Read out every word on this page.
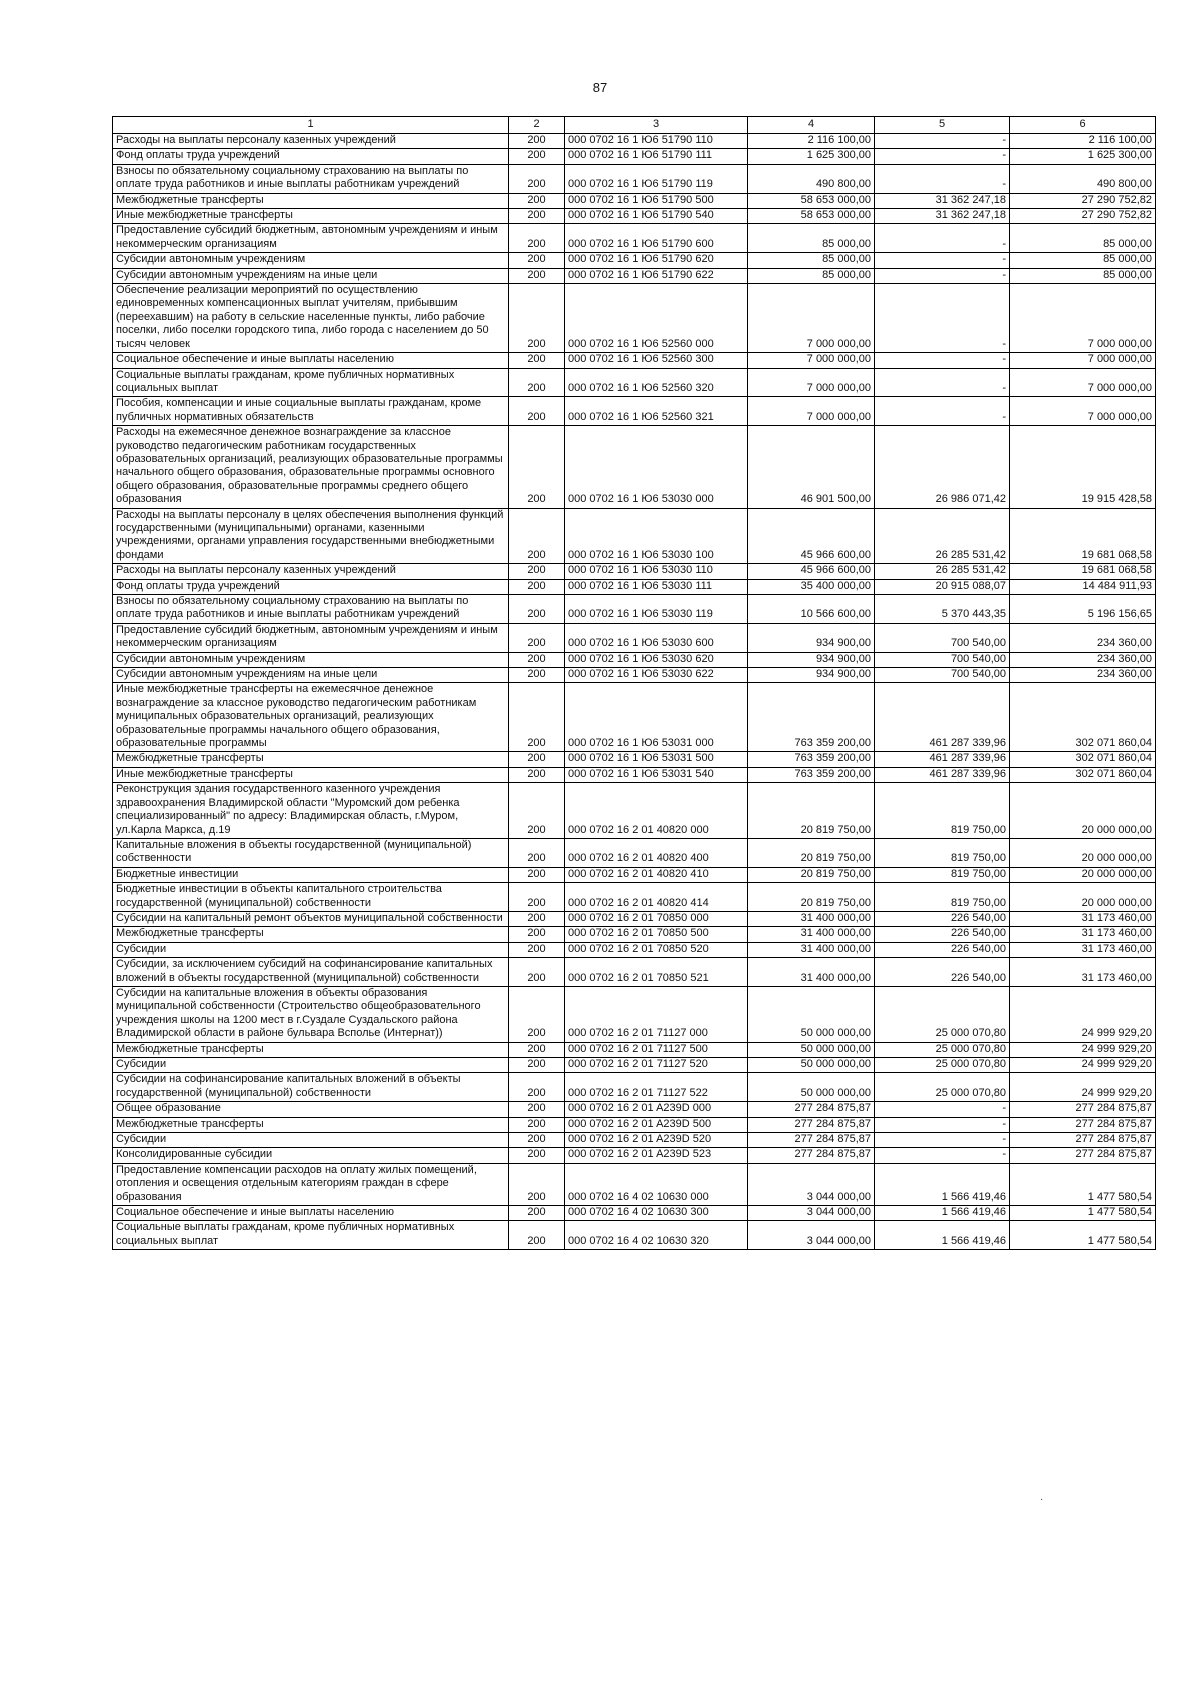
87
1	2	3	4	5	6
Расходы на выплаты персоналу казенных учреждений	200	000 0702 16 1 Ю6 51790 110	2 116 100,00	-	2 116 100,00
Фонд оплаты труда учреждений	200	000 0702 16 1 Ю6 51790 111	1 625 300,00	-	1 625 300,00
Взносы по обязательному социальному страхованию на выплаты по оплате труда работников и иные выплаты работникам учреждений	200	000 0702 16 1 Ю6 51790 119	490 800,00	-	490 800,00
Межбюджетные трансферты	200	000 0702 16 1 Ю6 51790 500	58 653 000,00	31 362 247,18	27 290 752,82
Иные межбюджетные трансферты	200	000 0702 16 1 Ю6 51790 540	58 653 000,00	31 362 247,18	27 290 752,82
Предоставление субсидий бюджетным, автономным учреждениям и иным некоммерческим организациям	200	000 0702 16 1 Ю6 51790 600	85 000,00	-	85 000,00
Субсидии автономным учреждениям	200	000 0702 16 1 Ю6 51790 620	85 000,00	-	85 000,00
Субсидии автономным учреждениям на иные цели	200	000 0702 16 1 Ю6 51790 622	85 000,00	-	85 000,00
Обеспечение реализации мероприятий по осуществлению единовременных компенсационных выплат учителям, прибывшим (переехавшим) на работу в сельские населенные пункты, либо рабочие поселки, либо поселки городского типа, либо города с населением до 50 тысяч человек	200	000 0702 16 1 Ю6 52560 000	7 000 000,00	-	7 000 000,00
Социальное обеспечение и иные выплаты населению	200	000 0702 16 1 Ю6 52560 300	7 000 000,00	-	7 000 000,00
Социальные выплаты гражданам, кроме публичных нормативных социальных выплат	200	000 0702 16 1 Ю6 52560 320	7 000 000,00	-	7 000 000,00
Пособия, компенсации и иные социальные выплаты гражданам, кроме публичных нормативных обязательств	200	000 0702 16 1 Ю6 52560 321	7 000 000,00	-	7 000 000,00
Расходы на ежемесячное денежное вознаграждение за классное руководство педагогическим работникам государственных образовательных организаций, реализующих образовательные программы начального общего образования, образовательные программы основного общего образования, образовательные программы среднего общего образования	200	000 0702 16 1 Ю6 53030 000	46 901 500,00	26 986 071,42	19 915 428,58
Расходы на выплаты персоналу в целях обеспечения выполнения функций государственными (муниципальными) органами, казенными учреждениями, органами управления государственными внебюджетными фондами	200	000 0702 16 1 Ю6 53030 100	45 966 600,00	26 285 531,42	19 681 068,58
Расходы на выплаты персоналу казенных учреждений	200	000 0702 16 1 Ю6 53030 110	45 966 600,00	26 285 531,42	19 681 068,58
Фонд оплаты труда учреждений	200	000 0702 16 1 Ю6 53030 111	35 400 000,00	20 915 088,07	14 484 911,93
Взносы по обязательному социальному страхованию на выплаты по оплате труда работников и иные выплаты работникам учреждений	200	000 0702 16 1 Ю6 53030 119	10 566 600,00	5 370 443,35	5 196 156,65
Предоставление субсидий бюджетным, автономным учреждениям и иным некоммерческим организациям	200	000 0702 16 1 Ю6 53030 600	934 900,00	700 540,00	234 360,00
Субсидии автономным учреждениям	200	000 0702 16 1 Ю6 53030 620	934 900,00	700 540,00	234 360,00
Субсидии автономным учреждениям на иные цели	200	000 0702 16 1 Ю6 53030 622	934 900,00	700 540,00	234 360,00
Иные межбюджетные трансферты на ежемесячное денежное вознаграждение за классное руководство педагогическим работникам муниципальных образовательных организаций, реализующих образовательные программы начального общего образования, образовательные программы	200	000 0702 16 1 Ю6 53031 000	763 359 200,00	461 287 339,96	302 071 860,04
Межбюджетные трансферты	200	000 0702 16 1 Ю6 53031 500	763 359 200,00	461 287 339,96	302 071 860,04
Иные межбюджетные трансферты	200	000 0702 16 1 Ю6 53031 540	763 359 200,00	461 287 339,96	302 071 860,04
Реконструкция здания государственного казенного учреждения здравоохранения Владимирской области "Муромский дом ребенка специализированный" по адресу: Владимирская область, г.Муром, ул.Карла Маркса, д.19	200	000 0702 16 2 01 40820 000	20 819 750,00	819 750,00	20 000 000,00
Капитальные вложения в объекты государственной (муниципальной) собственности	200	000 0702 16 2 01 40820 400	20 819 750,00	819 750,00	20 000 000,00
Бюджетные инвестиции	200	000 0702 16 2 01 40820 410	20 819 750,00	819 750,00	20 000 000,00
Бюджетные инвестиции в объекты капитального строительства государственной (муниципальной) собственности	200	000 0702 16 2 01 40820 414	20 819 750,00	819 750,00	20 000 000,00
Субсидии на капитальный ремонт объектов муниципальной собственности	200	000 0702 16 2 01 70850 000	31 400 000,00	226 540,00	31 173 460,00
Межбюджетные трансферты	200	000 0702 16 2 01 70850 500	31 400 000,00	226 540,00	31 173 460,00
Субсидии	200	000 0702 16 2 01 70850 520	31 400 000,00	226 540,00	31 173 460,00
Субсидии, за исключением субсидий на софинансирование капитальных вложений в объекты государственной (муниципальной) собственности	200	000 0702 16 2 01 70850 521	31 400 000,00	226 540,00	31 173 460,00
Субсидии на капитальные вложения в объекты образования муниципальной собственности (Строительство общеобразовательного учреждения школы на 1200 мест в г.Суздале Суздальского района Владимирской области в районе бульвара Всполье (Интернат))	200	000 0702 16 2 01 71127 000	50 000 000,00	25 000 070,80	24 999 929,20
Межбюджетные трансферты	200	000 0702 16 2 01 71127 500	50 000 000,00	25 000 070,80	24 999 929,20
Субсидии	200	000 0702 16 2 01 71127 520	50 000 000,00	25 000 070,80	24 999 929,20
Субсидии на софинансирование капитальных вложений в объекты государственной (муниципальной) собственности	200	000 0702 16 2 01 71127 522	50 000 000,00	25 000 070,80	24 999 929,20
Общее образование	200	000 0702 16 2 01 A239D 000	277 284 875,87	-	277 284 875,87
Межбюджетные трансферты	200	000 0702 16 2 01 A239D 500	277 284 875,87	-	277 284 875,87
Субсидии	200	000 0702 16 2 01 A239D 520	277 284 875,87	-	277 284 875,87
Консолидированные субсидии	200	000 0702 16 2 01 A239D 523	277 284 875,87	-	277 284 875,87
Предоставление компенсации расходов на оплату жилых помещений, отопления и освещения отдельным категориям граждан в сфере образования	200	000 0702 16 4 02 10630 000	3 044 000,00	1 566 419,46	1 477 580,54
Социальное обеспечение и иные выплаты населению	200	000 0702 16 4 02 10630 300	3 044 000,00	1 566 419,46	1 477 580,54
Социальные выплаты гражданам, кроме публичных нормативных социальных выплат	200	000 0702 16 4 02 10630 320	3 044 000,00	1 566 419,46	1 477 580,54
·
